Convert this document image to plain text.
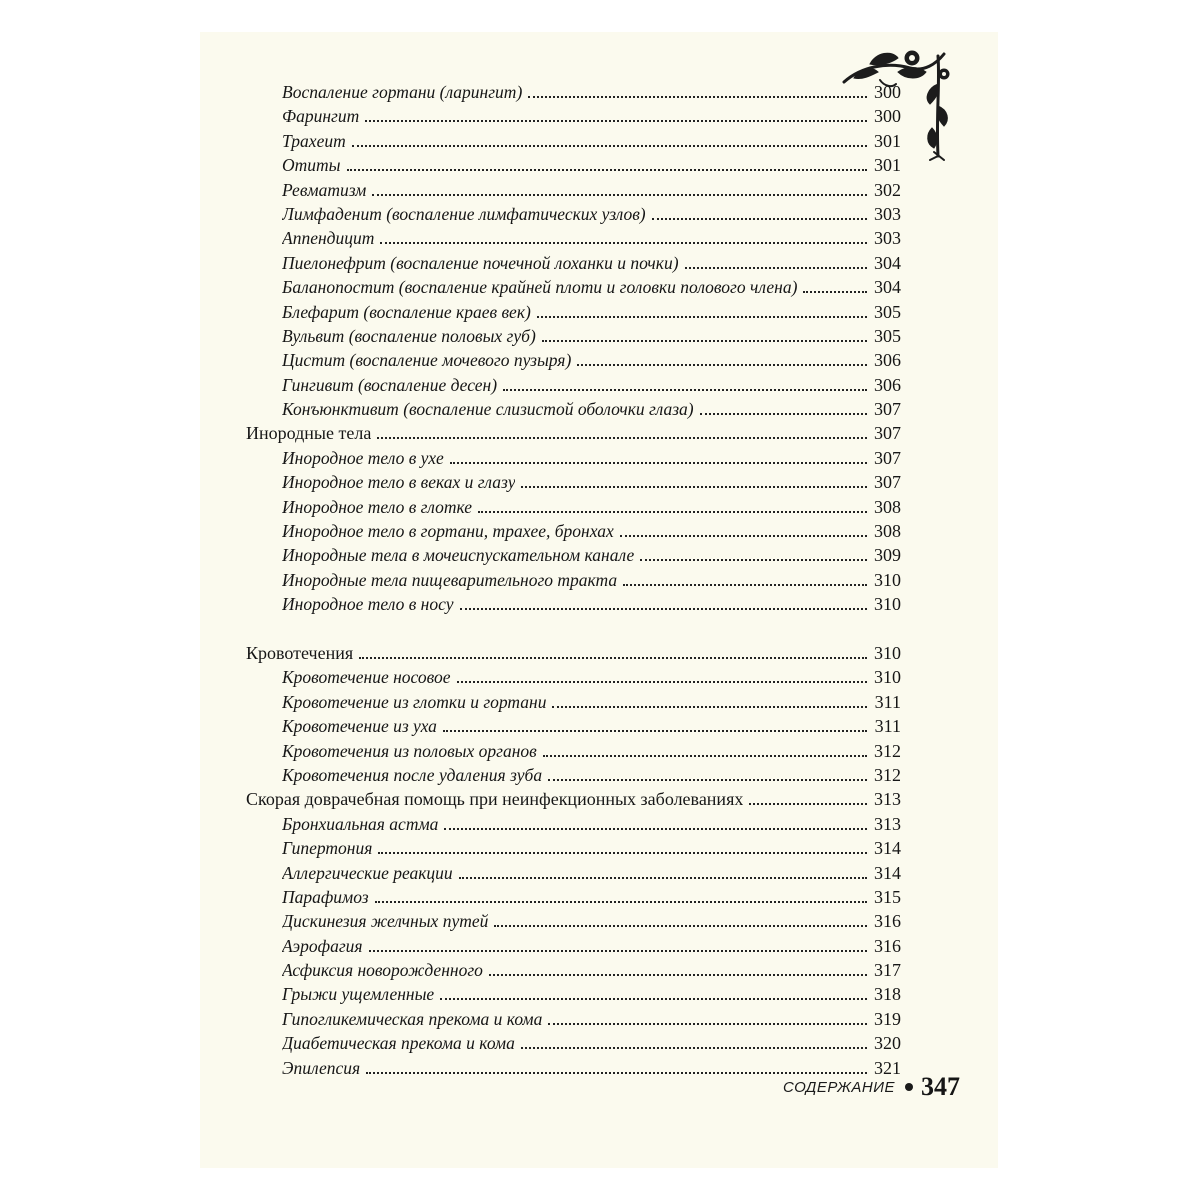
Воспаление гортани (ларингит)	300
Фарингит	300
Трахеит	301
Отиты	301
Ревматизм	302
Лимфаденит (воспаление лимфатических узлов)	303
Аппендицит	303
Пиелонефрит (воспаление почечной лоханки и почки)	304
Баланопостит (воспаление крайней плоти и головки полового члена)	304
Блефарит (воспаление краев век)	305
Вульвит (воспаление половых губ)	305
Цистит (воспаление мочевого пузыря)	306
Гингивит (воспаление десен)	306
Конъюнктивит (воспаление слизистой оболочки глаза)	307
Инородные тела	307
Инородное тело в ухе	307
Инородное тело в веках и глазу	307
Инородное тело в глотке	308
Инородное тело в гортани, трахее, бронхах	308
Инородные тела в мочеиспускательном канале	309
Инородные тела пищеварительного тракта	310
Инородное тело в носу	310
Кровотечения	310
Кровотечение носовое	310
Кровотечение из глотки и гортани	311
Кровотечение из уха	311
Кровотечения из половых органов	312
Кровотечения после удаления зуба	312
Скорая доврачебная помощь при неинфекционных заболеваниях	313
Бронхиальная астма	313
Гипертония	314
Аллергические реакции	314
Парафимоз	315
Дискинезия желчных путей	316
Аэрофагия	316
Асфиксия новорожденного	317
Грыжи ущемленные	318
Гипогликемическая прекома и кома	319
Диабетическая прекома и кома	320
Эпилепсия	321
СОДЕРЖАНИЕ 347
